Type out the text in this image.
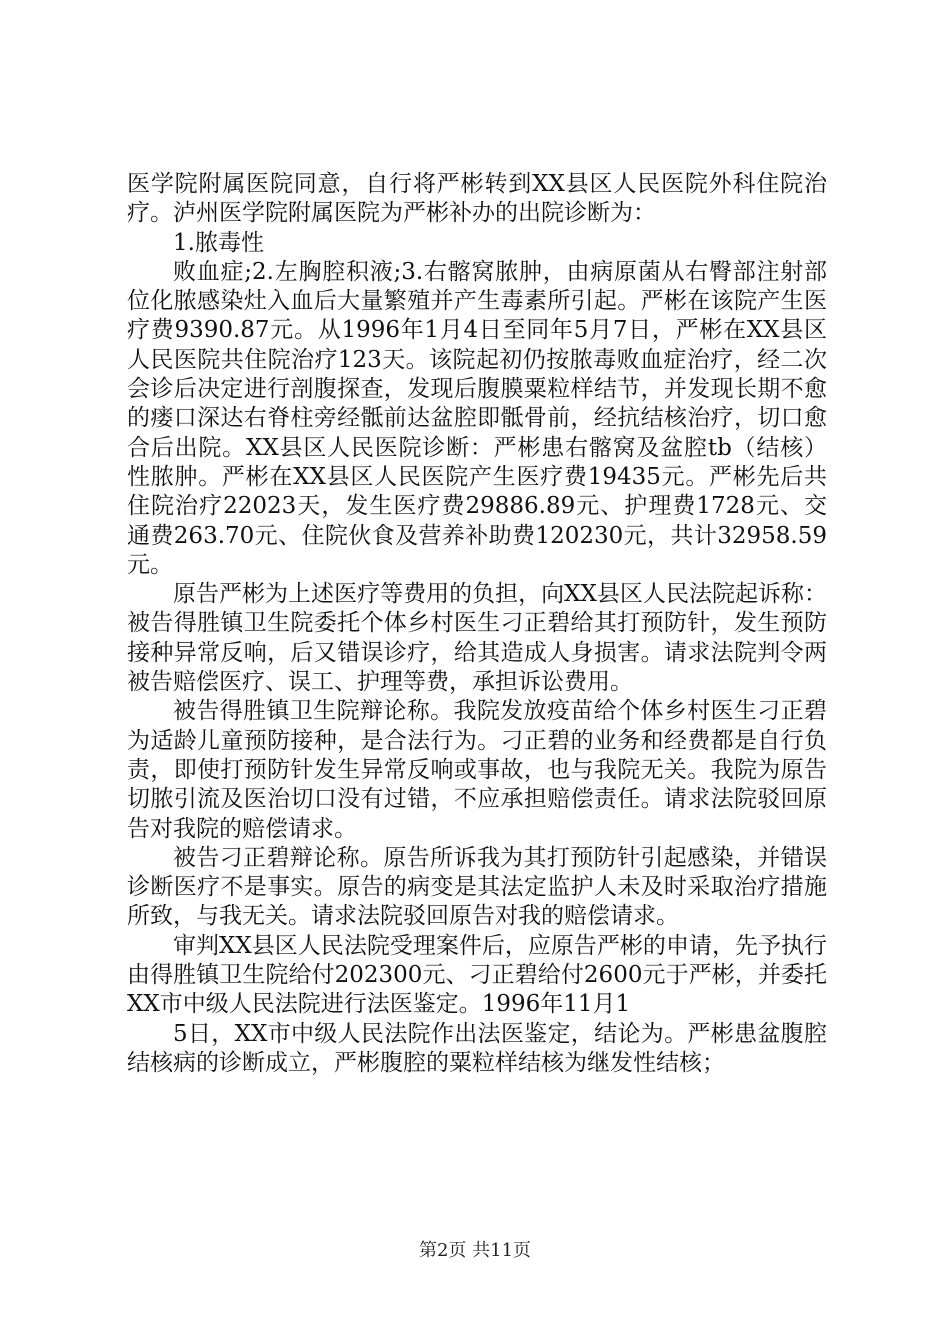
医学院附属医院同意，自行将严彬转到XX县区人民医院外科住院治疗。泸州医学院附属医院为严彬补办的出院诊断为：

1.脓毒性

败血症;2.左胸腔积液;3.右髂窝脓肿，由病原菌从右臀部注射部位化脓感染灶入血后大量繁殖并产生毒素所引起。严彬在该院产生医疗费9390.87元。从1996年1月4日至同年5月7日，严彬在XX县区人民医院共住院治疗123天。该院起初仍按脓毒败血症治疗，经二次会诊后决定进行剖腹探查，发现后腹膜粟粒样结节，并发现长期不愈的瘘口深达右脊柱旁经骶前达盆腔即骶骨前，经抗结核治疗，切口愈合后出院。XX县区人民医院诊断：严彬患右髂窝及盆腔tb（结核）性脓肿。严彬在XX县区人民医院产生医疗费19435元。严彬先后共住院治疗22023天，发生医疗费29886.89元、护理费1728元、交通费263.70元、住院伙食及营养补助费120230元，共计32958.59元。

原告严彬为上述医疗等费用的负担，向XX县区人民法院起诉称：被告得胜镇卫生院委托个体乡村医生刁正碧给其打预防针，发生预防接种异常反响，后又错误诊疗，给其造成人身损害。请求法院判令两被告赔偿医疗、误工、护理等费，承担诉讼费用。

被告得胜镇卫生院辩论称。我院发放疫苗给个体乡村医生刁正碧为适龄儿童预防接种，是合法行为。刁正碧的业务和经费都是自行负责，即使打预防针发生异常反响或事故，也与我院无关。我院为原告切脓引流及医治切口没有过错，不应承担赔偿责任。请求法院驳回原告对我院的赔偿请求。

被告刁正碧辩论称。原告所诉我为其打预防针引起感染，并错误诊断医疗不是事实。原告的病变是其法定监护人未及时采取治疗措施所致，与我无关。请求法院驳回原告对我的赔偿请求。

审判XX县区人民法院受理案件后，应原告严彬的申请，先予执行由得胜镇卫生院给付202300元、刁正碧给付2600元于严彬，并委托XX市中级人民法院进行法医鉴定。1996年11月1

5日，XX市中级人民法院作出法医鉴定，结论为。严彬患盆腹腔结核病的诊断成立，严彬腹腔的粟粒样结核为继发性结核；

第2页 共11页
